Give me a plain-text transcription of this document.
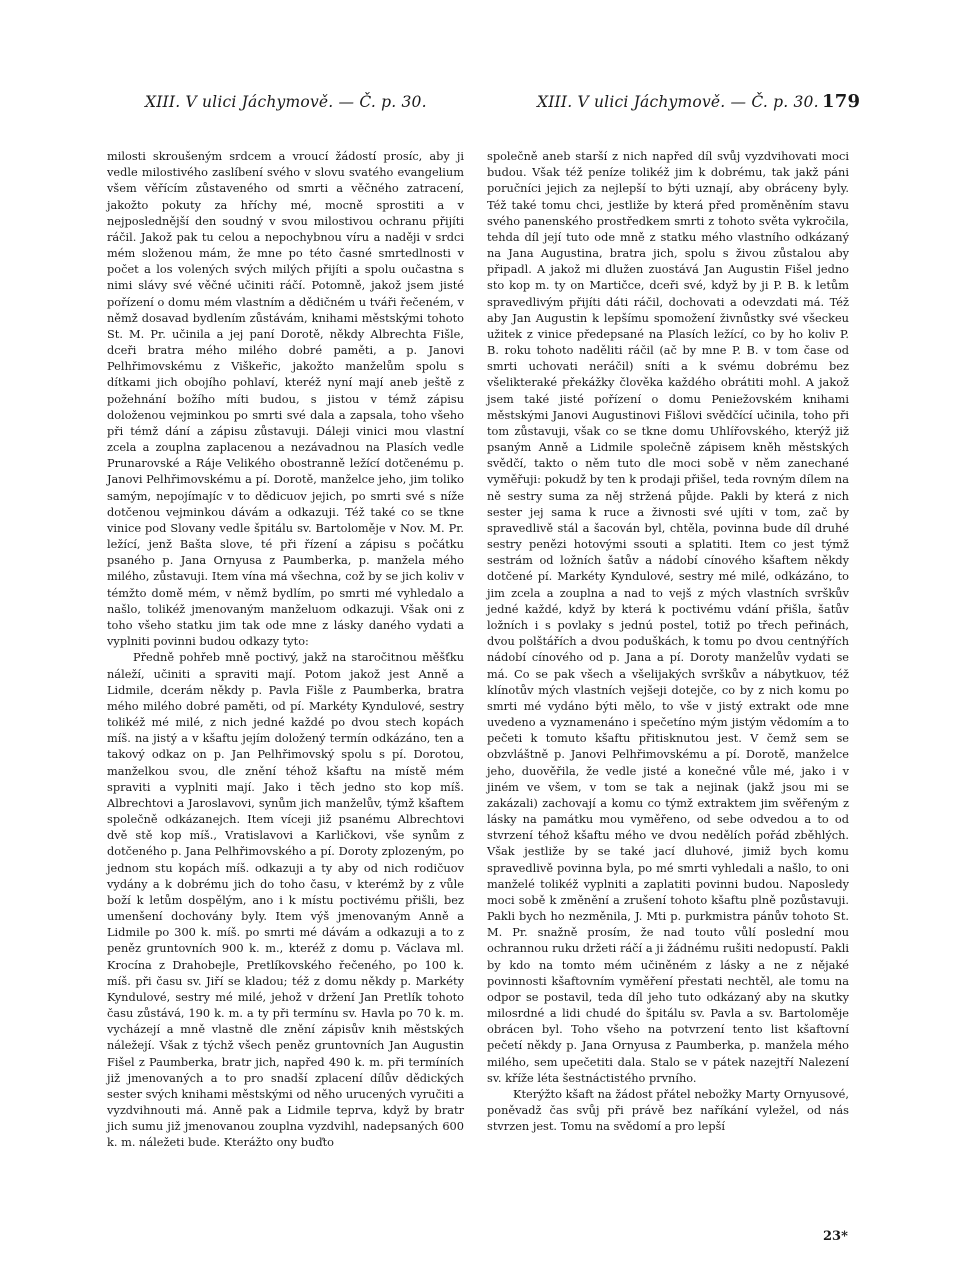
XIII. V ulici Jáchymově. — Č. p. 30.	XIII. V ulici Jáchymově. — Č. p. 30. 179

milosti skroušeným srdcem a vroucí žádostí prosíc, aby ji vedle milostivého zaslíbení svého v slovu svatého evangelium všem věřícím zůstaveného od smrti a věčného zatracení, jakožto pokuty za hříchy mé, mocně sprostiti a v nejposlednější den soudný v svou milostivou ochranu přijíti ráčil. Jakož pak tu celou a nepochybnou víru a naději v srdci mém složenou mám, že mne po této časné smrtedlnosti v počet a los volených svých milých přijíti a spolu oučastna s nimi slávy své věčné učiniti ráčí. Potomně, jakož jsem jisté pořízení o domu mém vlastním a dědičném u tváři řečeném, v němž dosavad bydlením zůstávám, knihami městskými tohoto St. M. Pr. učinila a jej paní Dorotě, někdy Albrechta Fišle, dceři bratra mého milého dobré paměti, a p. Janovi Pelhřimovskému z Viškeřic, jakožto manželům spolu s dítkami jich obojího pohlaví, kteréž nyní mají aneb ještě z požehnání božího míti budou, s jistou v témž zápisu doloženou vejminkou po smrti své dala a zapsala, toho všeho při témž dání a zápisu zůstavuji. Dáleji vinici mou vlastní zcela a zouplna zaplacenou a nezávadnou na Plasích vedle Prunarovské a Ráje Velikého obostranně ležící dotčenému p. Janovi Pelhřimovskému a pí. Dorotě, manželce jeho, jim toliko samým, nepojímajíc v to dědicuov jejich, po smrti své s níže dotčenou vejminkou dávám a odkazuji. Též také co se tkne vinice pod Slovany vedle špitálu sv. Bartoloměje v Nov. M. Pr. ležící, jenž Bašta slove, té při řízení a zápisu s počátku psaného p. Jana Ornyusa z Paumberka, p. manžela mého milého, zůstavuji. Item vína má všechna, což by se jich koliv v témžto domě mém, v němž bydlím, po smrti mé vyhledalo a našlo, tolikéž jmenovaným manželuom odkazuji. Však oni z toho všeho statku jim tak ode mne z lásky daného vydati a vyplniti povinni budou odkazy tyto:

Předně pohřeb mně poctivý, jakž na staročitnou měšťku náleží, učiniti a spraviti mají. Potom jakož jest Anně a Lidmile, dcerám někdy p. Pavla Fišle z Paumberka, bratra mého milého dobré paměti, od pí. Markéty Kyndulové, sestry tolikéž mé milé, z nich jedné každé po dvou stech kopách míš. na jistý a v kšaftu jejím doložený termín odkázáno, ten a takový odkaz on p. Jan Pelhřimovský spolu s pí. Dorotou, manželkou svou, dle znění téhož kšaftu na místě mém spraviti a vyplniti mají. Jako i těch jedno sto kop míš. Albrechtovi a Jaroslavovi, synům jich manželův, týmž kšaftem společně odkázanejch. Item víceji již psanému Albrechtovi dvě stě kop míš., Vratislavovi a Karličkovi, vše synům z dotčeného p. Jana Pelhřimovského a pí. Doroty zplozeným, po jednom stu kopách míš. odkazuji a ty aby od nich rodičuov vydány a k dobrému jich do toho času, v kterémž by z vůle boží k letům dospělým, ano i k místu poctivému přišli, bez umenšení dochovány byly. Item výš jmenovaným Anně a Lidmile po 300 k. míš. po smrti mé dávám a odkazuji a to z peněz gruntovních 900 k. m., kteréž z domu p. Václava ml. Krocína z Drahobejle, Pretlíkovského řečeného, po 100 k. míš. při času sv. Jiří se kladou; též z domu někdy p. Markéty Kyndulové, sestry mé milé, jehož v držení Jan Pretlík tohoto času zůstává, 190 k. m. a ty při termínu sv. Havla po 70 k. m. vycházejí a mně vlastně dle znění zápisův knih městských náležejí. Však z týchž všech peněz gruntovních Jan Augustin Fišel z Paumberka, bratr jich, napřed 490 k. m. při termíních již jmenovaných a to pro snadší zplacení dílův dědických sester svých knihami městskými od něho urucených vyručiti a vyzdvihnouti má. Anně pak a Lidmile teprva, když by bratr jich sumu již jmenovanou zouplna vyzdvihl, nadepsaných 600 k. m. náležeti bude. Kterážto ony buďto

společně aneb starší z nich napřed díl svůj vyzdvihovati moci budou. Však též peníze tolikéž jim k dobrému, tak jakž páni poručníci jejich za nejlepší to býti uznají, aby obráceny byly. Též také tomu chci, jestliže by která před proměněním stavu svého panenského prostředkem smrti z tohoto světa vykročila, tehda díl její tuto ode mně z statku mého vlastního odkázaný na Jana Augustina, bratra jich, spolu s živou zůstalou aby připadl. A jakož mi dlužen zuostává Jan Augustin Fišel jedno sto kop m. ty on Martičce, dceři své, když by ji P. B. k letům spravedlivým přijíti dáti ráčil, dochovati a odevzdati má. Též aby Jan Augustin k lepšímu spomožení živnůstky své všeckeu užitek z vinice předepsané na Plasích ležící, co by ho koliv P. B. roku tohoto naděliti ráčil (ač by mne P. B. v tom čase od smrti uchovati neráčil) sníti a k svému dobrému bez všelikteraké překážky člověka každého obrátiti mohl. A jakož jsem také jisté pořízení o domu Peniežovském knihami městskými Janovi Augustinovi Fišlovi svědčící učinila, toho při tom zůstavuji, však co se tkne domu Uhlířovského, kterýž již psaným Anně a Lidmile společně zápisem kněh městských svědčí, takto o něm tuto dle moci sobě v něm zanechané vyměřuji: pokudž by ten k prodaji přišel, teda rovným dílem na ně sestry suma za něj stržená půjde. Pakli by která z nich sester jej sama k ruce a živnosti své ujíti v tom, zač by spravedlivě stál a šacován byl, chtěla, povinna bude díl druhé sestry penězi hotovými ssouti a splatiti. Item co jest týmž sestrám od ložních šatův a nádobí cínového kšaftem někdy dotčené pí. Markéty Kyndulové, sestry mé milé, odkázáno, to jim zcela a zouplna a nad to vejš z mých vlastních svrškův jedné každé, když by která k poctivému vdání přišla, šatův ložních i s povlaky s jednú postel, totiž po třech peřinách, dvou polštářích a dvou poduškách, k tomu po dvou centnýřích nádobí cínového od p. Jana a pí. Doroty manželův vydati se má. Co se pak všech a všelijakých svrškův a nábytkuov, též klínotův mých vlastních vejšeji dotejče, co by z nich komu po smrti mé vydáno býti mělo, to vše v jistý extrakt ode mne uvedeno a vyznamenáno i spečetíno mým jistým vědomím a to pečeti k tomuto kšaftu přitisknutou jest. V čemž sem se obzvláštně p. Janovi Pelhřimovskému a pí. Dorotě, manželce jeho, duověřila, že vedle jisté a konečné vůle mé, jako i v jiném ve všem, v tom se tak a nejinak (jakž jsou mi se zakázali) zachovají a komu co týmž extraktem jim svěřeným z lásky na památku mou vyměřeno, od sebe odvedou a to od stvrzení téhož kšaftu mého ve dvou nedělích pořád zběhlých. Však jestliže by se také jací dluhové, jimiž bych komu spravedlivě povinna byla, po mé smrti vyhledali a našlo, to oni manželé tolikéž vyplniti a zaplatiti povinni budou. Naposledy moci sobě k změnění a zrušení tohoto kšaftu plně pozůstavuji. Pakli bych ho nezměnila, J. Mti p. purkmistra pánův tohoto St. M. Pr. snažně prosím, že nad touto vůlí poslední mou ochrannou ruku držeti ráčí a ji žádnému rušiti nedopustí. Pakli by kdo na tomto mém učiněném z lásky a ne z nějaké povinnosti kšaftovním vyměření přestati nechtěl, ale tomu na odpor se postavil, teda díl jeho tuto odkázaný aby na skutky milosrdné a lidi chudé do špitálu sv. Pavla a sv. Bartoloměje obrácen byl. Toho všeho na potvrzení tento list kšaftovní pečetí někdy p. Jana Ornyusa z Paumberka, p. manžela mého milého, sem upečetiti dala. Stalo se v pátek nazejtří Nalezení sv. kříže léta šestnáctistého prvního.

Kterýžto kšaft na žádost přátel nebožky Marty Ornyusové, poněvadž čas svůj při právě bez naříkání vyležel, od nás stvrzen jest. Tomu na svědomí a pro lepší

23*
